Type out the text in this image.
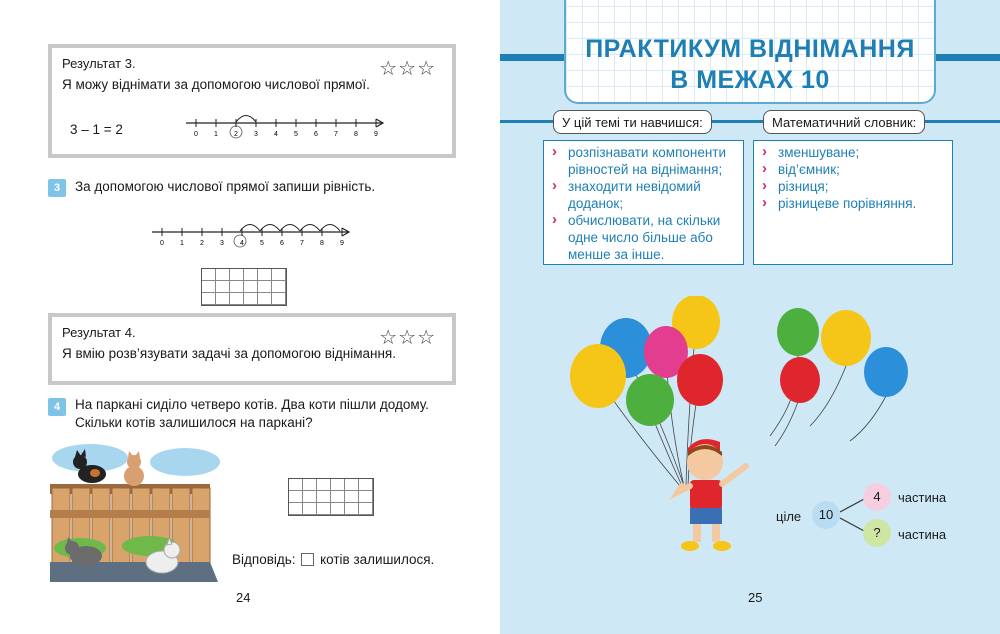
Результат 3.	☆☆☆
Я можу віднімати за допомогою числової прямої.
3 – 1 = 2	0 1 2 3 4 5 6 7 8 9
3	За допомогою числової прямої запиши рівність.
0 1 2 3 4 5 6 7 8 9
Результат 4.	☆☆☆
Я вмію розв’язувати задачі за допомогою віднімання.
4	На паркані сиділо четверо котів. Два коти пішли додому.
Скільки котів залишилося на паркані?
Відповідь: котів залишилося.
24
ПРАКТИКУМ ВІДНІМАННЯ
В МЕЖАХ 10
У цій темі ти навчишся:	Математичний словник:
› розпізнавати компоненти рівностей на віднімання;
› знаходити невідомий доданок;
› обчислювати, на скільки одне число більше або менше за інше.
› зменшуване;
› від’ємник;
› різниця;
› різницеве порівняння.
ціле	10
4
?
частина
частина
25
